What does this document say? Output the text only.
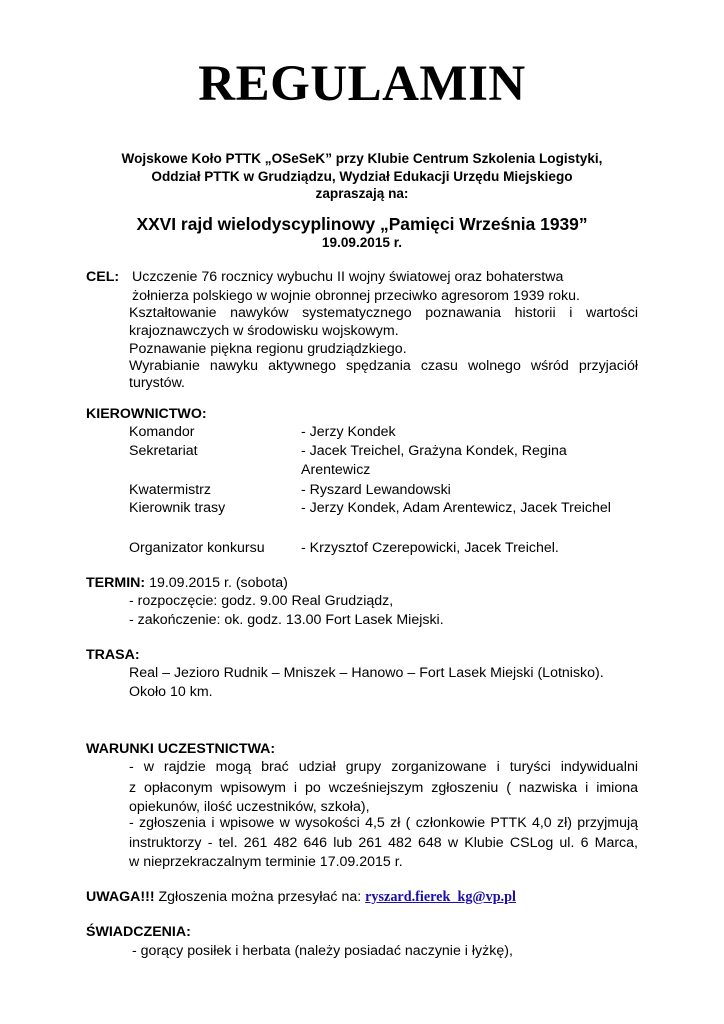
REGULAMIN
Wojskowe Koło PTTK „OSeSeK” przy Klubie Centrum Szkolenia Logistyki,
Oddział PTTK w Grudziądzu, Wydział Edukacji Urzędu Miejskiego
zapraszają na:
XXVI rajd wielodyscyplinowy „Pamięci Września 1939”
19.09.2015 r.
CEL: Uczczenie 76 rocznicy wybuchu II wojny światowej oraz bohaterstwa
żołnierza polskiego w wojnie obronnej przeciwko agresorom 1939 roku.
Kształtowanie nawyków systematycznego poznawania historii i wartości
krajoznawczych w środowisku wojskowym.
Poznawanie piękna regionu grudziądzkiego.
Wyrabianie nawyku aktywnego spędzania czasu wolnego wśród przyjaciół
turystów.
KIEROWNICTWO:
Komandor	- Jerzy Kondek
Sekretariat	- Jacek Treichel, Grażyna Kondek, Regina
Arentewicz
Kwatermistrz	- Ryszard Lewandowski
Kierownik trasy	- Jerzy Kondek, Adam Arentewicz, Jacek Treichel
Organizator konkursu	- Krzysztof Czerepowicki, Jacek Treichel.
TERMIN: 19.09.2015 r. (sobota)
- rozpoczęcie: godz. 9.00 Real Grudziądz,
- zakończenie: ok. godz. 13.00 Fort Lasek Miejski.
TRASA:
Real – Jezioro Rudnik – Mniszek – Hanowo – Fort Lasek Miejski (Lotnisko).
Około 10 km.
WARUNKI UCZESTNICTWA:
- w rajdzie mogą brać udział grupy zorganizowane i turyści indywidualni
z opłaconym wpisowym i po wcześniejszym zgłoszeniu ( nazwiska i imiona
opiekunów, ilość uczestników, szkoła),
- zgłoszenia i wpisowe w wysokości 4,5 zł ( członkowie PTTK 4,0 zł) przyjmują
instruktorzy - tel. 261 482 646 lub 261 482 648 w Klubie CSLog ul. 6 Marca,
w nieprzekraczalnym terminie 17.09.2015 r.
UWAGA!!! Zgłoszenia można przesyłać na: ryszard.fierek_kg@vp.pl
ŚWIADCZENIA:
- gorący posiłek i herbata (należy posiadać naczynie i łyżkę),
